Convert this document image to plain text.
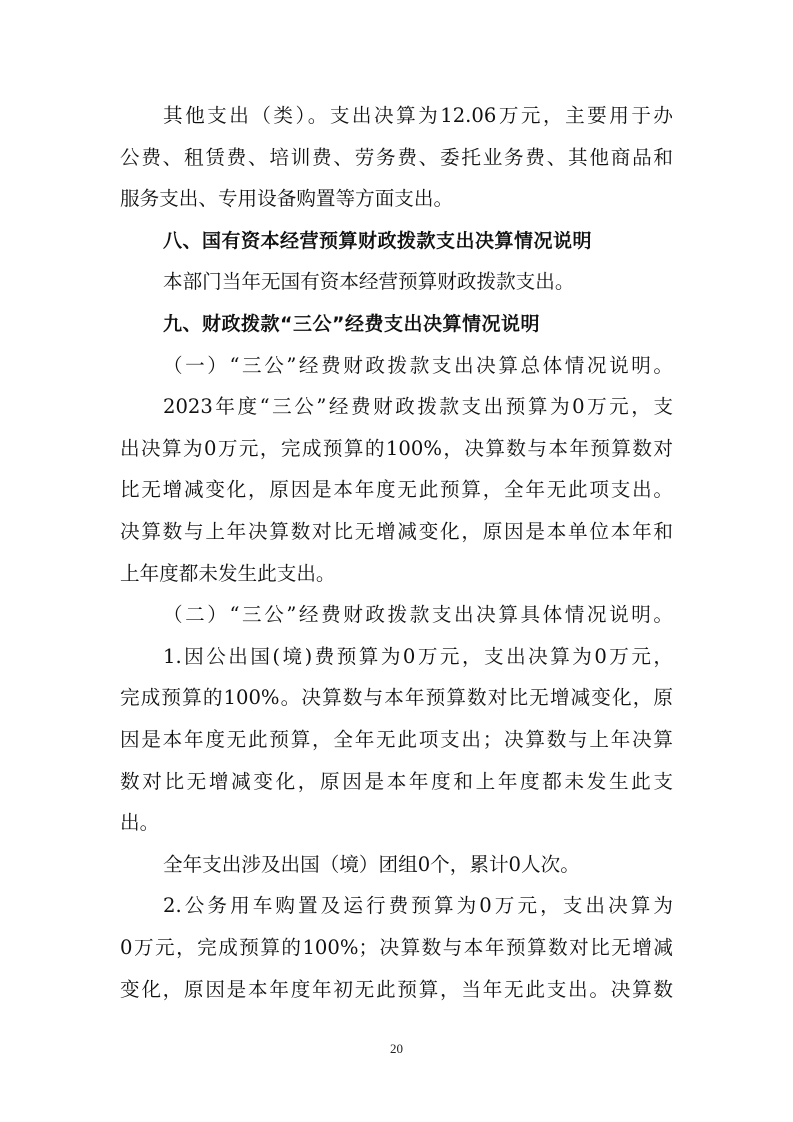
其他支出（类）。支出决算为12.06万元，主要用于办
公费、租赁费、培训费、劳务费、委托业务费、其他商品和
服务支出、专用设备购置等方面支出。
八、国有资本经营预算财政拨款支出决算情况说明
本部门当年无国有资本经营预算财政拨款支出。
九、财政拨款“三公”经费支出决算情况说明
（一）“三公”经费财政拨款支出决算总体情况说明。
2023年度“三公”经费财政拨款支出预算为0万元，支
出决算为0万元，完成预算的100%，决算数与本年预算数对
比无增减变化，原因是本年度无此预算，全年无此项支出。
决算数与上年决算数对比无增减变化，原因是本单位本年和
上年度都未发生此支出。
（二）“三公”经费财政拨款支出决算具体情况说明。
1.因公出国(境)费预算为0万元，支出决算为0万元，
完成预算的100%。决算数与本年预算数对比无增减变化，原
因是本年度无此预算，全年无此项支出；决算数与上年决算
数对比无增减变化，原因是本年度和上年度都未发生此支
出。
全年支出涉及出国（境）团组0个，累计0人次。
2.公务用车购置及运行费预算为0万元，支出决算为
0万元，完成预算的100%；决算数与本年预算数对比无增减
变化，原因是本年度年初无此预算，当年无此支出。决算数
20
